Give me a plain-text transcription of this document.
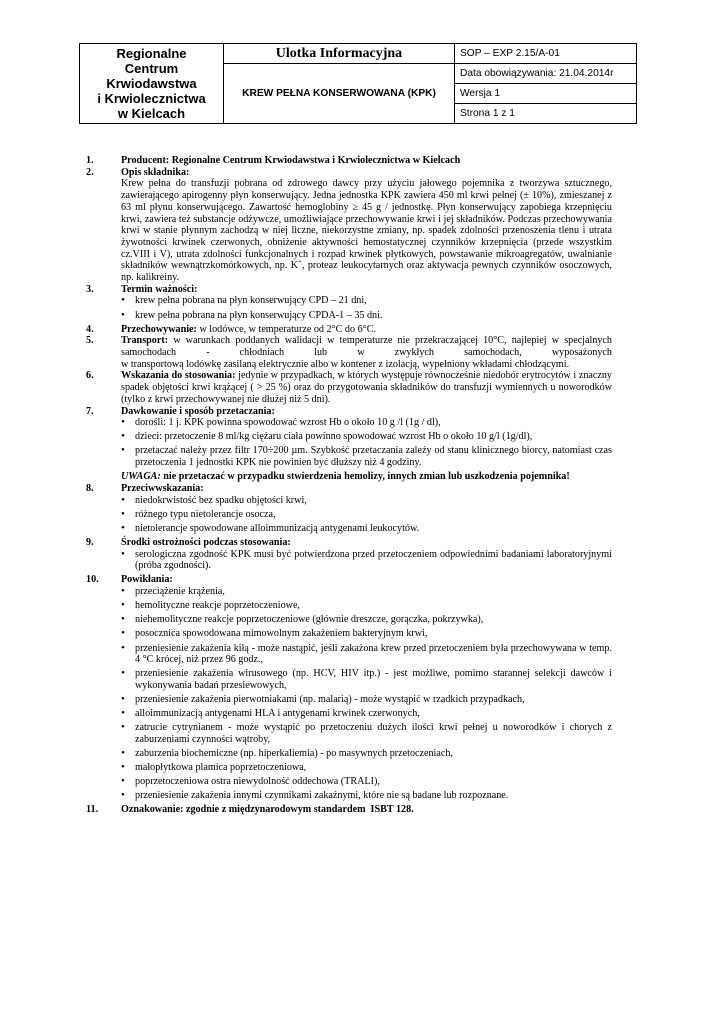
Regionalne
Centrum
Krwiodawstwa
i Krwiolecznictwa
w Kielcach	Ulotka Informacyjna	SOP – EXP 2.15/A-01
	KREW PEŁNA KONSERWOWANA (KPK)	Data obowiązywania: 21.04.2014r
		Wersja 1
		Strona 1 z 1
1.	Producent: Regionalne Centrum Krwiodawstwa i Krwiolecznictwa w Kielcach
2.	Opis składnika:
Krew pełna do transfuzji pobrana od zdrowego dawcy przy użyciu jałowego pojemnika z tworzywa sztucznego, zawierającego apirogenny płyn konserwujący. Jedna jednostka KPK zawiera 450 ml krwi pełnej (± 10%), zmieszanej z 63 ml płynu konserwującego. Zawartość hemoglobiny ≥ 45 g / jednostkę. Płyn konserwujący zapobiega krzepnięciu krwi, zawiera też substancje odżywcze, umożliwiające przechowywanie krwi i jej składników. Podczas przechowywania krwi w stanie płynnym zachodzą w niej liczne, niekorzystne zmiany, np. spadek zdolności przenoszenia tlenu i utrata żywotności krwinek czerwonych, obniżenie aktywności hemostatycznej czynników krzepnięcia (przede wszystkim cz.VIII i V), utrata zdolności funkcjonalnych i rozpad krwinek płytkowych, powstawanie mikroagregatów, uwalnianie składników wewnątrzkomórkowych, np. K+, proteaz leukocytarnych oraz aktywacja pewnych czynników osoczowych, np. kalikreiny.
3.	Termin ważności:
• krew pełna pobrana na płyn konserwujący CPD – 21 dni,
• krew pełna pobrana na płyn konserwujący CPDA-1 – 35 dni.
4.	Przechowywanie: w lodówce, w temperaturze od 2°C do 6°C.
5.	Transport: w warunkach poddanych walidacji w temperaturze nie przekraczającej 10°C, najlepiej w specjalnych samochodach - chłodniach lub w zwykłych samochodach, wyposażonych
w transportową lodówkę zasilaną elektrycznie albo w kontener z izolacją, wypełniony wkładami chłodzącymi.
6.	Wskazania do stosowania: jedynie w przypadkach, w których występuje równocześnie niedobór erytrocytów i znaczny spadek objętości krwi krążącej ( > 25 %) oraz do przygotowania składników do transfuzji wymiennych u noworodków (tylko z krwi przechowywanej nie dłużej niż 5 dni).
7.	Dawkowanie i sposób przetaczania:
• dorośli: 1 j. KPK powinna spowodować wzrost Hb o około 10 g /l (1g / dl),
• dzieci: przetoczenie 8 ml/kg ciężaru ciała powinno spowodować wzrost Hb o około 10 g/l (1g/dl),
• przetaczać należy przez filtr 170÷200 µm. Szybkość przetaczania zależy od stanu klinicznego biorcy, natomiast czas przetoczenia 1 jednostki KPK nie powinien być dłuższy niż 4 godziny.
UWAGA: nie przetaczać w przypadku stwierdzenia hemolizy, innych zmian lub uszkodzenia pojemnika!
8.	Przeciwwskazania:
• niedokrwistość bez spadku objętości krwi,
• różnego typu nietolerancje osocza,
• nietolerancje spowodowane alloimmunizacją antygenami leukocytów.
9.	Środki ostrożności podczas stosowania:
• serologiczna zgodność KPK musi być potwierdzona przed przetoczeniem odpowiednimi badaniami laboratoryjnymi (próba zgodności).
10. Powikłania:
• przeciążenie krążenia,
• hemolityczne reakcje poprzetoczeniowe,
• niehemolityczne reakcje poprzetoczeniowe (głównie dreszcze, gorączka, pokrzywka),
• posocznica spowodowana mimowolnym zakażeniem bakteryjnym krwi,
• przeniesienie zakażenia kiłą - może nastąpić, jeśli zakażona krew przed przetoczeniem była przechowywana w temp. 4 °C krócej, niż przez 96 godz.,
• przeniesienie zakażenia wirusowego (np. HCV, HIV itp.) - jest możliwe, pomimo starannej selekcji dawców i wykonywania badań przesiewowych,
• przeniesienie zakażenia pierwotniakami (np. malarią) - może wystąpić w rzadkich przypadkach,
• alloimmunizacją antygenami HLA i antygenami krwinek czerwonych,
• zatrucie cytrynianem - może wystąpić po przetoczeniu dużych ilości krwi pełnej u noworodków i chorych z zaburzeniami czynności wątroby,
• zaburzenia biochemiczne (np. hiperkaliemia) - po masywnych przetoczeniach,
• małopłytkowa plamica poprzetoczeniowa,
• poprzetoczeniowa ostra niewydolność oddechowa (TRALI),
• przeniesienie zakażenia innymi czynnikami zakaźnymi, które nie są badane lub rozpoznane.
11. Oznakowanie: zgodnie z międzynarodowym standardem  ISBT 128.
